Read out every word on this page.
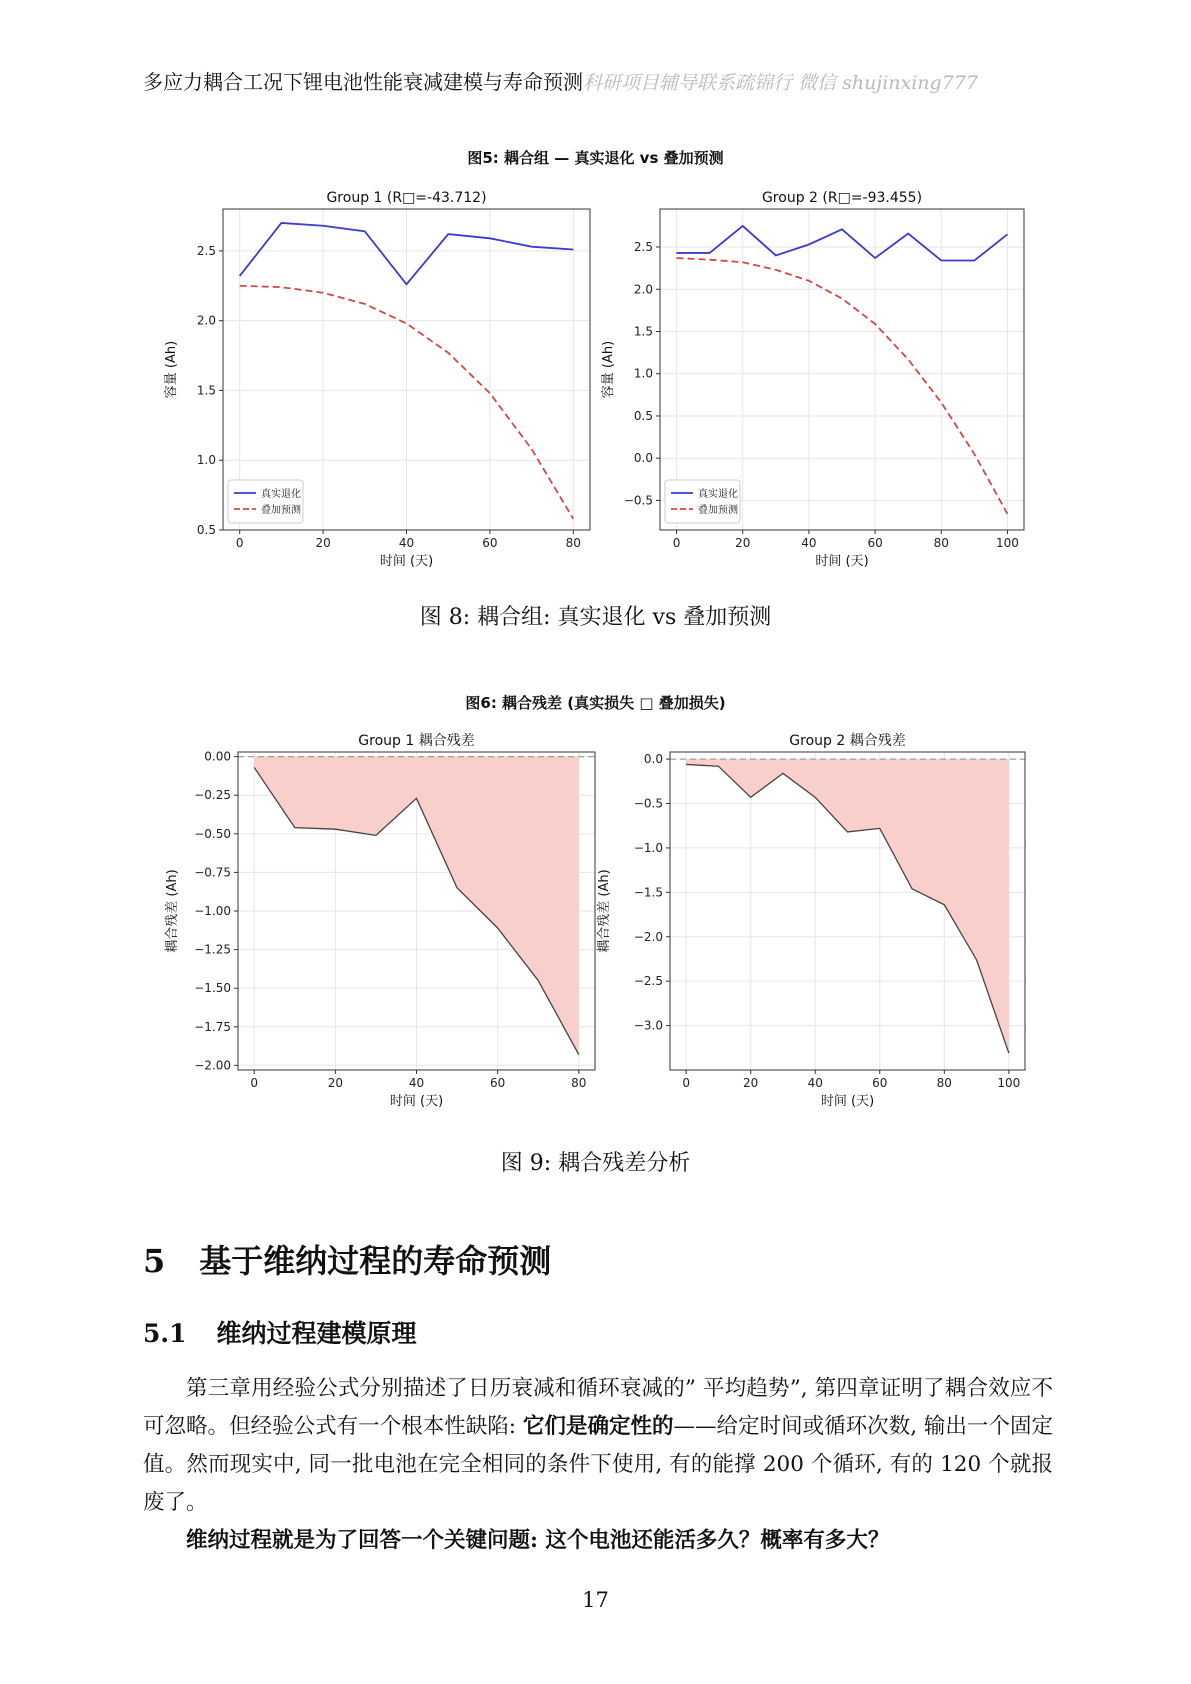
多应力耦合工况下锂电池性能衰减建模与寿命预测科研项目辅导联系疏锦行 微信 shujinxing777
图5: 耦合组 — 真实退化 vs 叠加预测
0	20	40	60	80
0.5
1.0
1.5
2.0
2.5
Group 1 (R□=-43.712)
时间 (天)
容量 (Ah)
真实退化
叠加预测
0	20	40	60	80	100
−0.5
0.0
0.5
1.0
1.5
2.0
2.5
Group 2 (R□=-93.455)
时间 (天)
容量 (Ah)
真实退化
叠加预测
图 8: 耦合组: 真实退化 vs 叠加预测
图6: 耦合残差 (真实损失 □ 叠加损失)
0	20	40	60	80
−2.00
−1.75
−1.50
−1.25
−1.00
−0.75
−0.50
−0.25
0.00
Group 1 耦合残差
时间 (天)
耦合残差 (Ah)
0	20	40	60	80	100
−3.0
−2.5
−2.0
−1.5
−1.0
−0.5
0.0
Group 2 耦合残差
时间 (天)
耦合残差 (Ah)
图 9: 耦合残差分析
5 基于维纳过程的寿命预测
5.1 维纳过程建模原理
第三章用经验公式分别描述了日历衰减和循环衰减的” 平均趋势”, 第四章证明了耦合效应不可忽略。但经验公式有一个根本性缺陷: 它们是确定性的——给定时间或循环次数, 输出一个固定值。然而现实中, 同一批电池在完全相同的条件下使用, 有的能撑 200 个循环, 有的 120 个就报废了。
维纳过程就是为了回答一个关键问题: 这个电池还能活多久？概率有多大？
17
